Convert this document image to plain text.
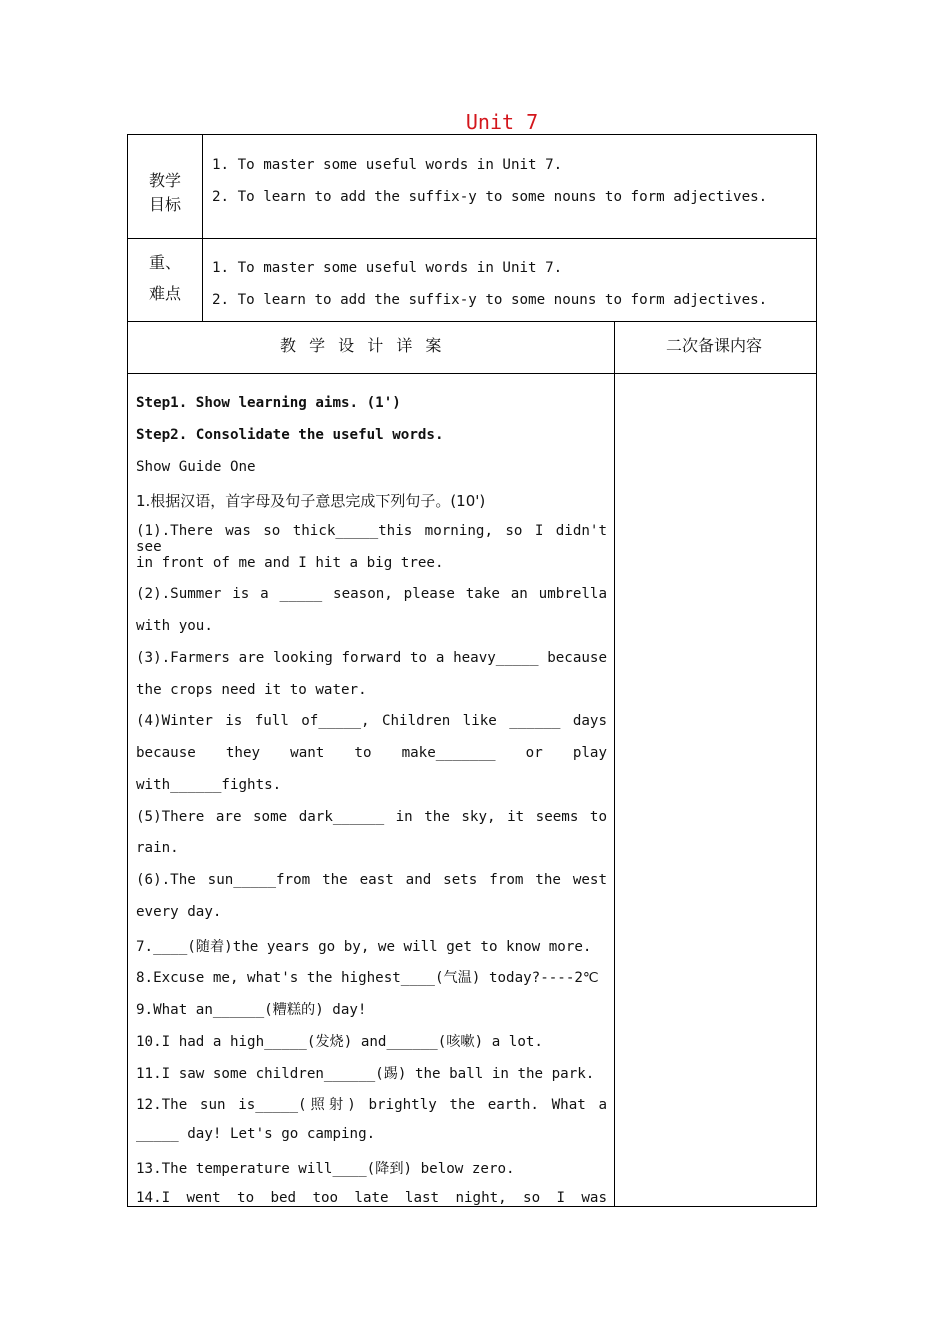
Unit 7
教学
目标
1. To master some useful words in Unit 7.
2. To learn to add the suffix-y to some nouns to form adjectives.
重、
难点
1. To master some useful words in Unit 7.
2. To learn to add the suffix-y to some nouns to form adjectives.
教 学 设 计 详 案	二次备课内容
Step1. Show learning aims. (1')
Step2. Consolidate the useful words.
Show Guide One
1.根据汉语，首字母及句子意思完成下列句子。(10')
(1).There was so thick_____this morning, so I didn't see
in front of me and I hit a big tree.
(2).Summer is a _____ season, please take an umbrella
with you.
(3).Farmers are looking forward to a heavy_____ because
the crops need it to water.
(4)Winter is full of_____, Children like ______ days
because they want to make_______ or play
with______fights.
(5)There are some dark______ in the sky, it seems to
rain.
(6).The sun_____from the east and sets from the west
every day.
7.____(随着)the years go by, we will get to know more.
8.Excuse me, what's the highest____(气温) today?----2℃
9.What an______(糟糕的) day!
10.I had a high_____(发烧) and______(咳嗽) a lot.
11.I saw some children______(踢) the ball in the park.
12.The sun is_____(照射) brightly the earth. What a
_____ day! Let's go camping.
13.The temperature will____(降到) below zero.
14.I went to bed too late last night, so I was
